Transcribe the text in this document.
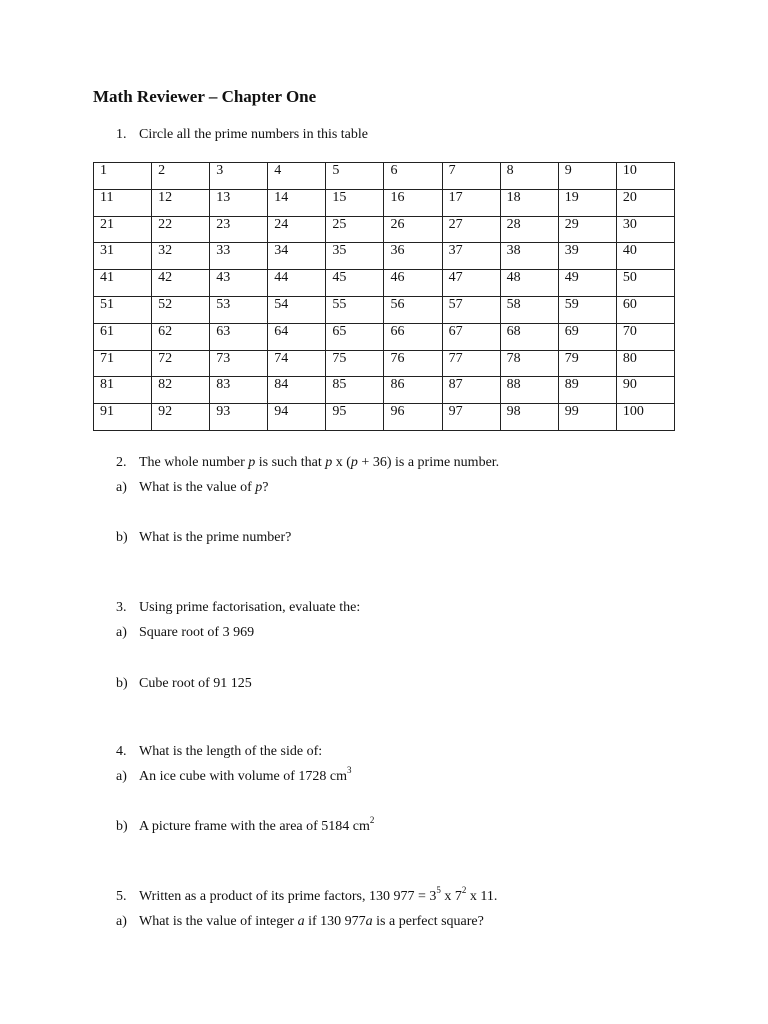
Math Reviewer – Chapter One
1. Circle all the prime numbers in this table
1	2	3	4	5	6	7	8	9	10
11	12	13	14	15	16	17	18	19	20
21	22	23	24	25	26	27	28	29	30
31	32	33	34	35	36	37	38	39	40
41	42	43	44	45	46	47	48	49	50
51	52	53	54	55	56	57	58	59	60
61	62	63	64	65	66	67	68	69	70
71	72	73	74	75	76	77	78	79	80
81	82	83	84	85	86	87	88	89	90
91	92	93	94	95	96	97	98	99	100
2. The whole number p is such that p x (p + 36) is a prime number.
a) What is the value of p?
b) What is the prime number?
3. Using prime factorisation, evaluate the:
a) Square root of 3 969
b) Cube root of 91 125
4. What is the length of the side of:
a) An ice cube with volume of 1728 $cm^3$
b) A picture frame with the area of 5184 $cm^2$
5. Written as a product of its prime factors, 130 $977 = 3^5$ x $7^2$ x 11.
a) What is the value of integer a if 130 977a is a perfect square?
